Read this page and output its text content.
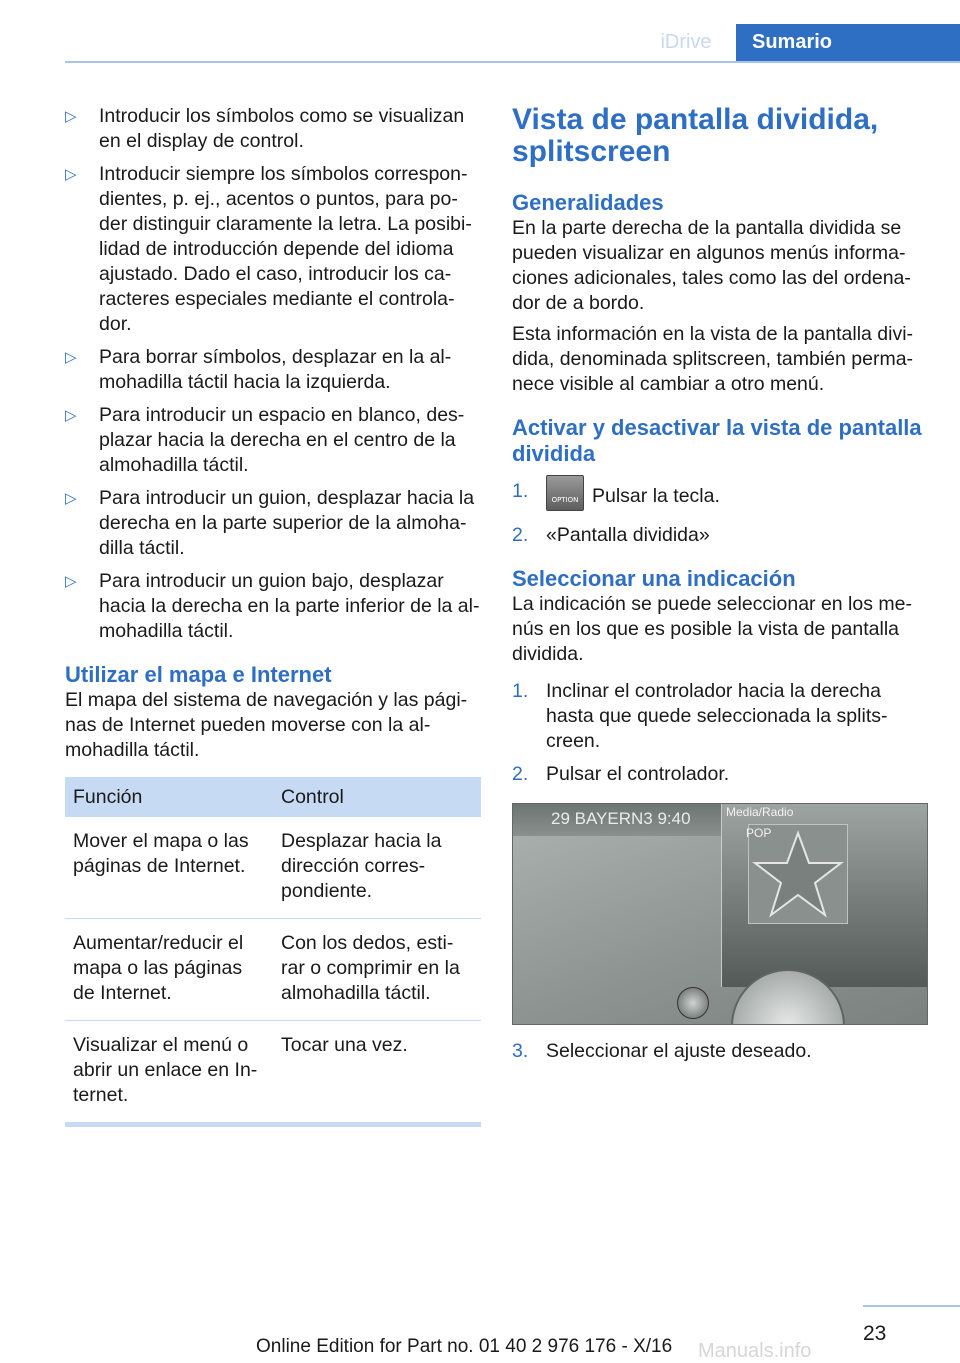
iDrive	Sumario
▷ Introducir los símbolos como se visualizan en el display de control.
▷ Introducir siempre los símbolos correspon‐dientes, p. ej., acentos o puntos, para po‐der distinguir claramente la letra. La posibi‐lidad de introducción depende del idioma ajustado. Dado el caso, introducir los ca‐racteres especiales mediante el controla‐dor.
▷ Para borrar símbolos, desplazar en la al‐mohadilla táctil hacia la izquierda.
▷ Para introducir un espacio en blanco, des‐plazar hacia la derecha en el centro de la almohadilla táctil.
▷ Para introducir un guion, desplazar hacia la derecha en la parte superior de la almoha‐dilla táctil.
▷ Para introducir un guion bajo, desplazar hacia la derecha en la parte inferior de la al‐mohadilla táctil.
Utilizar el mapa e Internet

El mapa del sistema de navegación y las pági‐nas de Internet pueden moverse con la al‐mohadilla táctil.

Función	Control
Mover el mapa o las páginas de Internet.	Desplazar hacia la dirección corres‐pondiente.
Aumentar/reducir el mapa o las páginas de Internet.	Con los dedos, esti‐rar o comprimir en la almohadilla táctil.
Visualizar el menú o abrir un enlace en In‐ternet.	Tocar una vez.
Vista de pantalla dividida, splitscreen
Generalidades

En la parte derecha de la pantalla dividida se pueden visualizar en algunos menús informa‐ciones adicionales, tales como las del ordena‐dor de a bordo.

Esta información en la vista de la pantalla divi‐dida, denominada splitscreen, también perma‐nece visible al cambiar a otro menú.

Activar y desactivar la vista de pantalla dividida
1.	OPTION Pulsar la tecla.
2. «Pantalla dividida»
Seleccionar una indicación

La indicación se puede seleccionar en los me‐nús en los que es posible la vista de pantalla dividida.

1. Inclinar el controlador hacia la derecha hasta que quede seleccionada la splits‐creen.
2. Pulsar el controlador.
29 BAYERN3 9:40	Media/Radio
POP
3. Seleccionar el ajuste deseado.
23
Online Edition for Part no. 01 40 2 976 176 - X/16 Manuals.info
